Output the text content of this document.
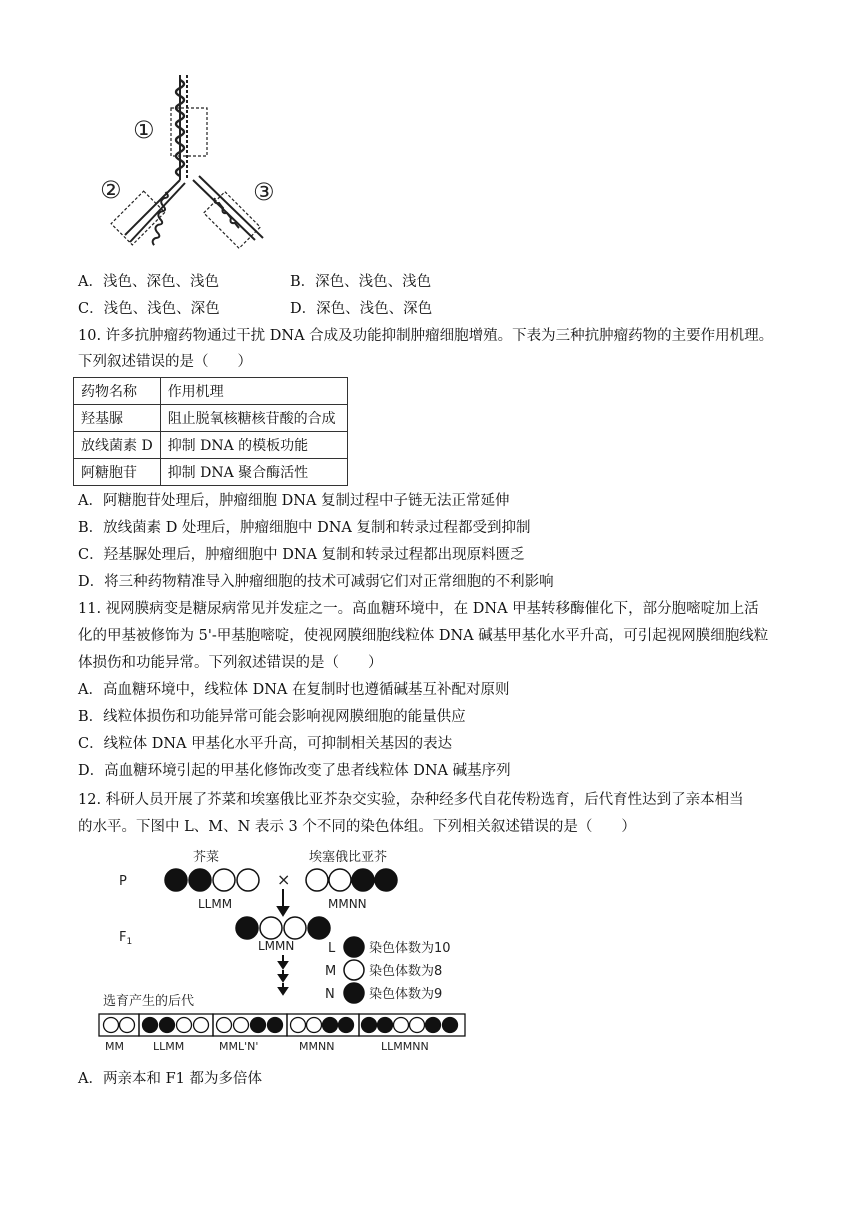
①
②	③
A．浅色、深色、浅色	B．深色、浅色、浅色
C．浅色、浅色、深色	D．深色、浅色、深色
10. 许多抗肿瘤药物通过干扰 DNA 合成及功能抑制肿瘤细胞增殖。下表为三种抗肿瘤药物的主要作用机理。
下列叙述错误的是（　　）
药物名称	作用机理
羟基脲	阻止脱氧核糖核苷酸的合成
放线菌素 D	抑制 DNA 的模板功能
阿糖胞苷	抑制 DNA 聚合酶活性
A．阿糖胞苷处理后，肿瘤细胞 DNA 复制过程中子链无法正常延伸
B．放线菌素 D 处理后，肿瘤细胞中 DNA 复制和转录过程都受到抑制
C．羟基脲处理后，肿瘤细胞中 DNA 复制和转录过程都出现原料匮乏
D．将三种药物精准导入肿瘤细胞的技术可减弱它们对正常细胞的不利影响
11. 视网膜病变是糖尿病常见并发症之一。高血糖环境中，在 DNA 甲基转移酶催化下，部分胞嘧啶加上活
化的甲基被修饰为 5'-甲基胞嘧啶，使视网膜细胞线粒体 DNA 碱基甲基化水平升高，可引起视网膜细胞线粒
体损伤和功能异常。下列叙述错误的是（　　）
A．高血糖环境中，线粒体 DNA 在复制时也遵循碱基互补配对原则
B．线粒体损伤和功能异常可能会影响视网膜细胞的能量供应
C．线粒体 DNA 甲基化水平升高，可抑制相关基因的表达
D．高血糖环境引起的甲基化修饰改变了患者线粒体 DNA 碱基序列
12. 科研人员开展了芥菜和埃塞俄比亚芥杂交实验，杂种经多代自花传粉选育，后代育性达到了亲本相当
的水平。下图中 L、M、N 表示 3 个不同的染色体组。下列相关叙述错误的是（　　）
P
$F_1$
芥菜	埃塞俄比亚芥
×
LLMM	MMNN
LMMN	L	染色体数为10
M	染色体数为8
N	染色体数为9
选育产生的后代
MM	LLMM	MML'N'	MMNN	LLMMNN
A．两亲本和 F1 都为多倍体
